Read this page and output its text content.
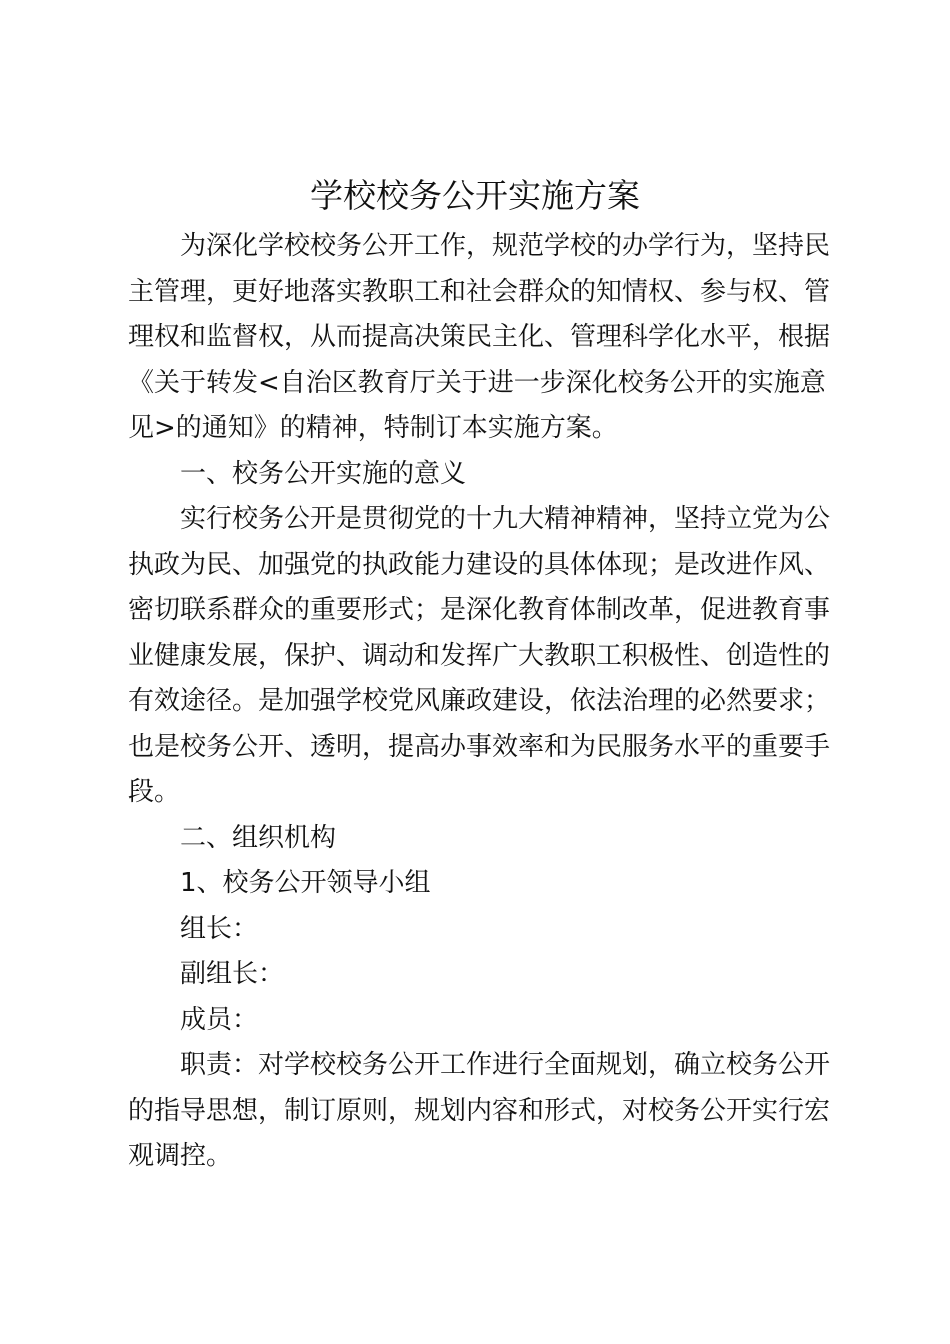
学校校务公开实施方案

为深化学校校务公开工作，规范学校的办学行为，坚持民
主管理，更好地落实教职工和社会群众的知情权、参与权、管
理权和监督权，从而提高决策民主化、管理科学化水平，根据
《关于转发<自治区教育厅关于进一步深化校务公开的实施意
见>的通知》的精神，特制订本实施方案。

一、校务公开实施的意义

实行校务公开是贯彻党的十九大精神精神，坚持立党为公
执政为民、加强党的执政能力建设的具体体现；是改进作风、
密切联系群众的重要形式；是深化教育体制改革，促进教育事
业健康发展，保护、调动和发挥广大教职工积极性、创造性的
有效途径。是加强学校党风廉政建设，依法治理的必然要求；
也是校务公开、透明，提高办事效率和为民服务水平的重要手
段。

二、组织机构

1、校务公开领导小组

组长：

副组长：

成员：

职责：对学校校务公开工作进行全面规划，确立校务公开
的指导思想，制订原则，规划内容和形式，对校务公开实行宏
观调控。
